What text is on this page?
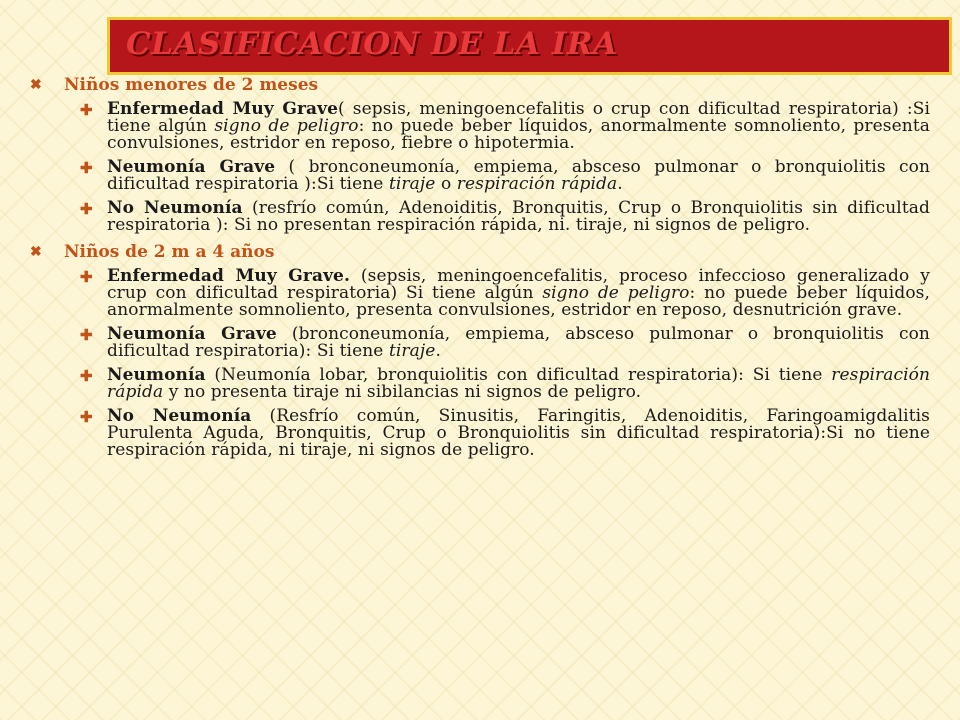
CLASIFICACION DE LA IRA
✖ Niños menores de 2 meses
✚ Enfermedad Muy Grave( sepsis, meningoencefalitis o crup con dificultad respiratoria) :Si tiene algún signo de peligro: no puede beber líquidos, anormalmente somnoliento, presenta convulsiones, estridor en reposo, fiebre o hipotermia.
✚ Neumonía Grave ( bronconeumonía, empiema, absceso pulmonar o bronquiolitis con dificultad respiratoria ):Si tiene tiraje o respiración rápida.
✚ No Neumonía (resfrío común, Adenoiditis, Bronquitis, Crup o Bronquiolitis sin dificultad respiratoria ): Si no presentan respiración rápida, ni. tiraje, ni signos de peligro.
✖ Niños de 2 m a 4 años
✚ Enfermedad Muy Grave. (sepsis, meningoencefalitis, proceso infeccioso generalizado y crup con dificultad respiratoria) Si tiene algún signo de peligro: no puede beber líquidos, anormalmente somnoliento, presenta convulsiones, estridor en reposo, desnutrición grave.
✚ Neumonía Grave (bronconeumonía, empiema, absceso pulmonar o bronquiolitis con dificultad respiratoria): Si tiene tiraje.
✚ Neumonía (Neumonía lobar, bronquiolitis con dificultad respiratoria): Si tiene respiración rápida y no presenta tiraje ni sibilancias ni signos de peligro.
✚ No Neumonía (Resfrío común, Sinusitis, Faringitis, Adenoiditis, Faringoamigdalitis Purulenta Aguda, Bronquitis, Crup o Bronquiolitis sin dificultad respiratoria):Si no tiene respiración rápida, ni tiraje, ni signos de peligro.
